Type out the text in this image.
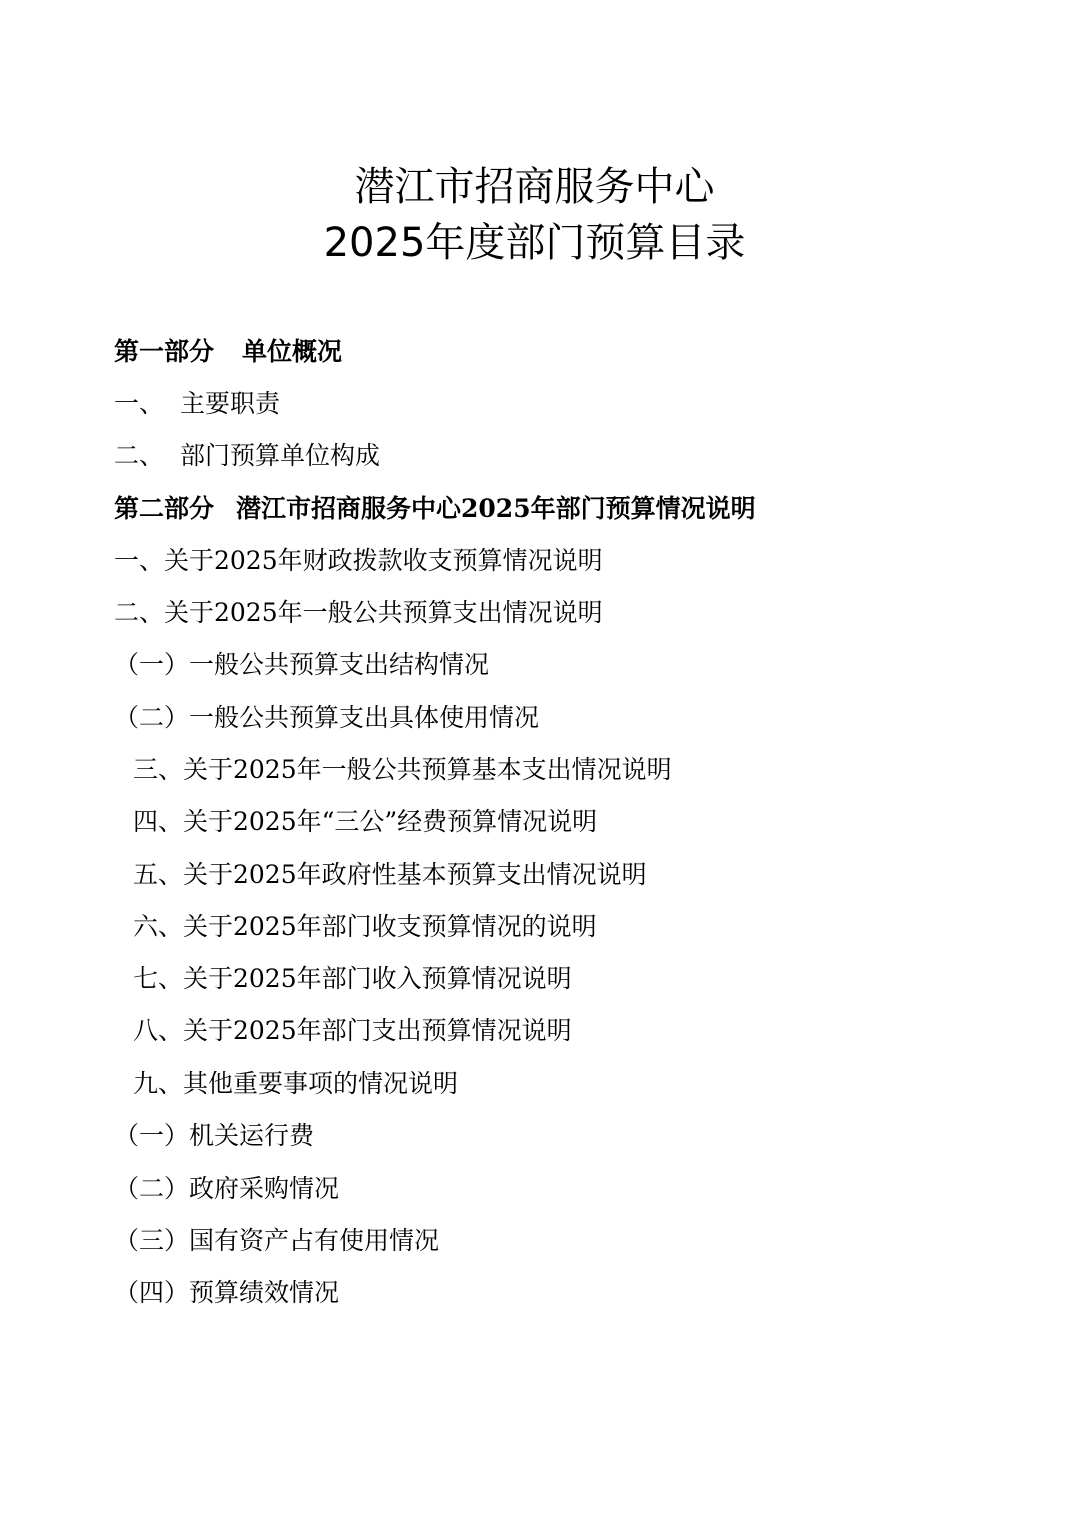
潜江市招商服务中心
2025年度部门预算目录
第一部分 单位概况
一、 主要职责
二、 部门预算单位构成
第二部分 潜江市招商服务中心2025年部门预算情况说明
一、关于2025年财政拨款收支预算情况说明
二、关于2025年一般公共预算支出情况说明
（一）一般公共预算支出结构情况
（二）一般公共预算支出具体使用情况
三、关于2025年一般公共预算基本支出情况说明
四、关于2025年“三公”经费预算情况说明
五、关于2025年政府性基本预算支出情况说明
六、关于2025年部门收支预算情况的说明
七、关于2025年部门收入预算情况说明
八、关于2025年部门支出预算情况说明
九、其他重要事项的情况说明
（一）机关运行费
（二）政府采购情况
（三）国有资产占有使用情况
（四）预算绩效情况
